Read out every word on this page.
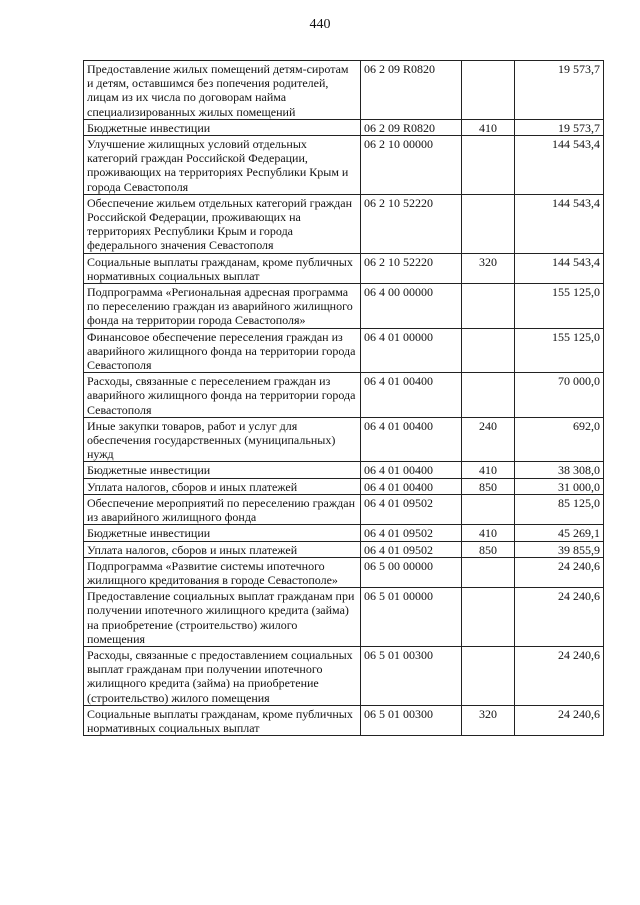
440
Предоставление жилых помещений детям-сиротам и детям, оставшимся без попечения родителей, лицам из их числа по договорам найма специализированных жилых помещений	06 2 09 R0820		19 573,7
Бюджетные инвестиции	06 2 09 R0820	410	19 573,7
Улучшение жилищных условий отдельных категорий граждан Российской Федерации, проживающих на территориях Республики Крым и города Севастополя	06 2 10 00000		144 543,4
Обеспечение жильем отдельных категорий граждан Российской Федерации, проживающих на территориях Республики Крым и города федерального значения Севастополя	06 2 10 52220		144 543,4
Социальные выплаты гражданам, кроме публичных нормативных социальных выплат	06 2 10 52220	320	144 543,4
Подпрограмма «Региональная адресная программа по переселению граждан из аварийного жилищного фонда на территории города Севастополя»	06 4 00 00000		155 125,0
Финансовое обеспечение переселения граждан из аварийного жилищного фонда на территории города Севастополя	06 4 01 00000		155 125,0
Расходы, связанные с переселением граждан из аварийного жилищного фонда на территории города Севастополя	06 4 01 00400		70 000,0
Иные закупки товаров, работ и услуг для обеспечения государственных (муниципальных) нужд	06 4 01 00400	240	692,0
Бюджетные инвестиции	06 4 01 00400	410	38 308,0
Уплата налогов, сборов и иных платежей	06 4 01 00400	850	31 000,0
Обеспечение мероприятий по переселению граждан из аварийного жилищного фонда	06 4 01 09502		85 125,0
Бюджетные инвестиции	06 4 01 09502	410	45 269,1
Уплата налогов, сборов и иных платежей	06 4 01 09502	850	39 855,9
Подпрограмма «Развитие системы ипотечного жилищного кредитования в городе Севастополе»	06 5 00 00000		24 240,6
Предоставление социальных выплат гражданам при получении ипотечного жилищного кредита (займа) на приобретение (строительство) жилого помещения	06 5 01 00000		24 240,6
Расходы, связанные с предоставлением социальных выплат гражданам при получении ипотечного жилищного кредита (займа) на приобретение (строительство) жилого помещения	06 5 01 00300		24 240,6
Социальные выплаты гражданам, кроме публичных нормативных социальных выплат	06 5 01 00300	320	24 240,6
